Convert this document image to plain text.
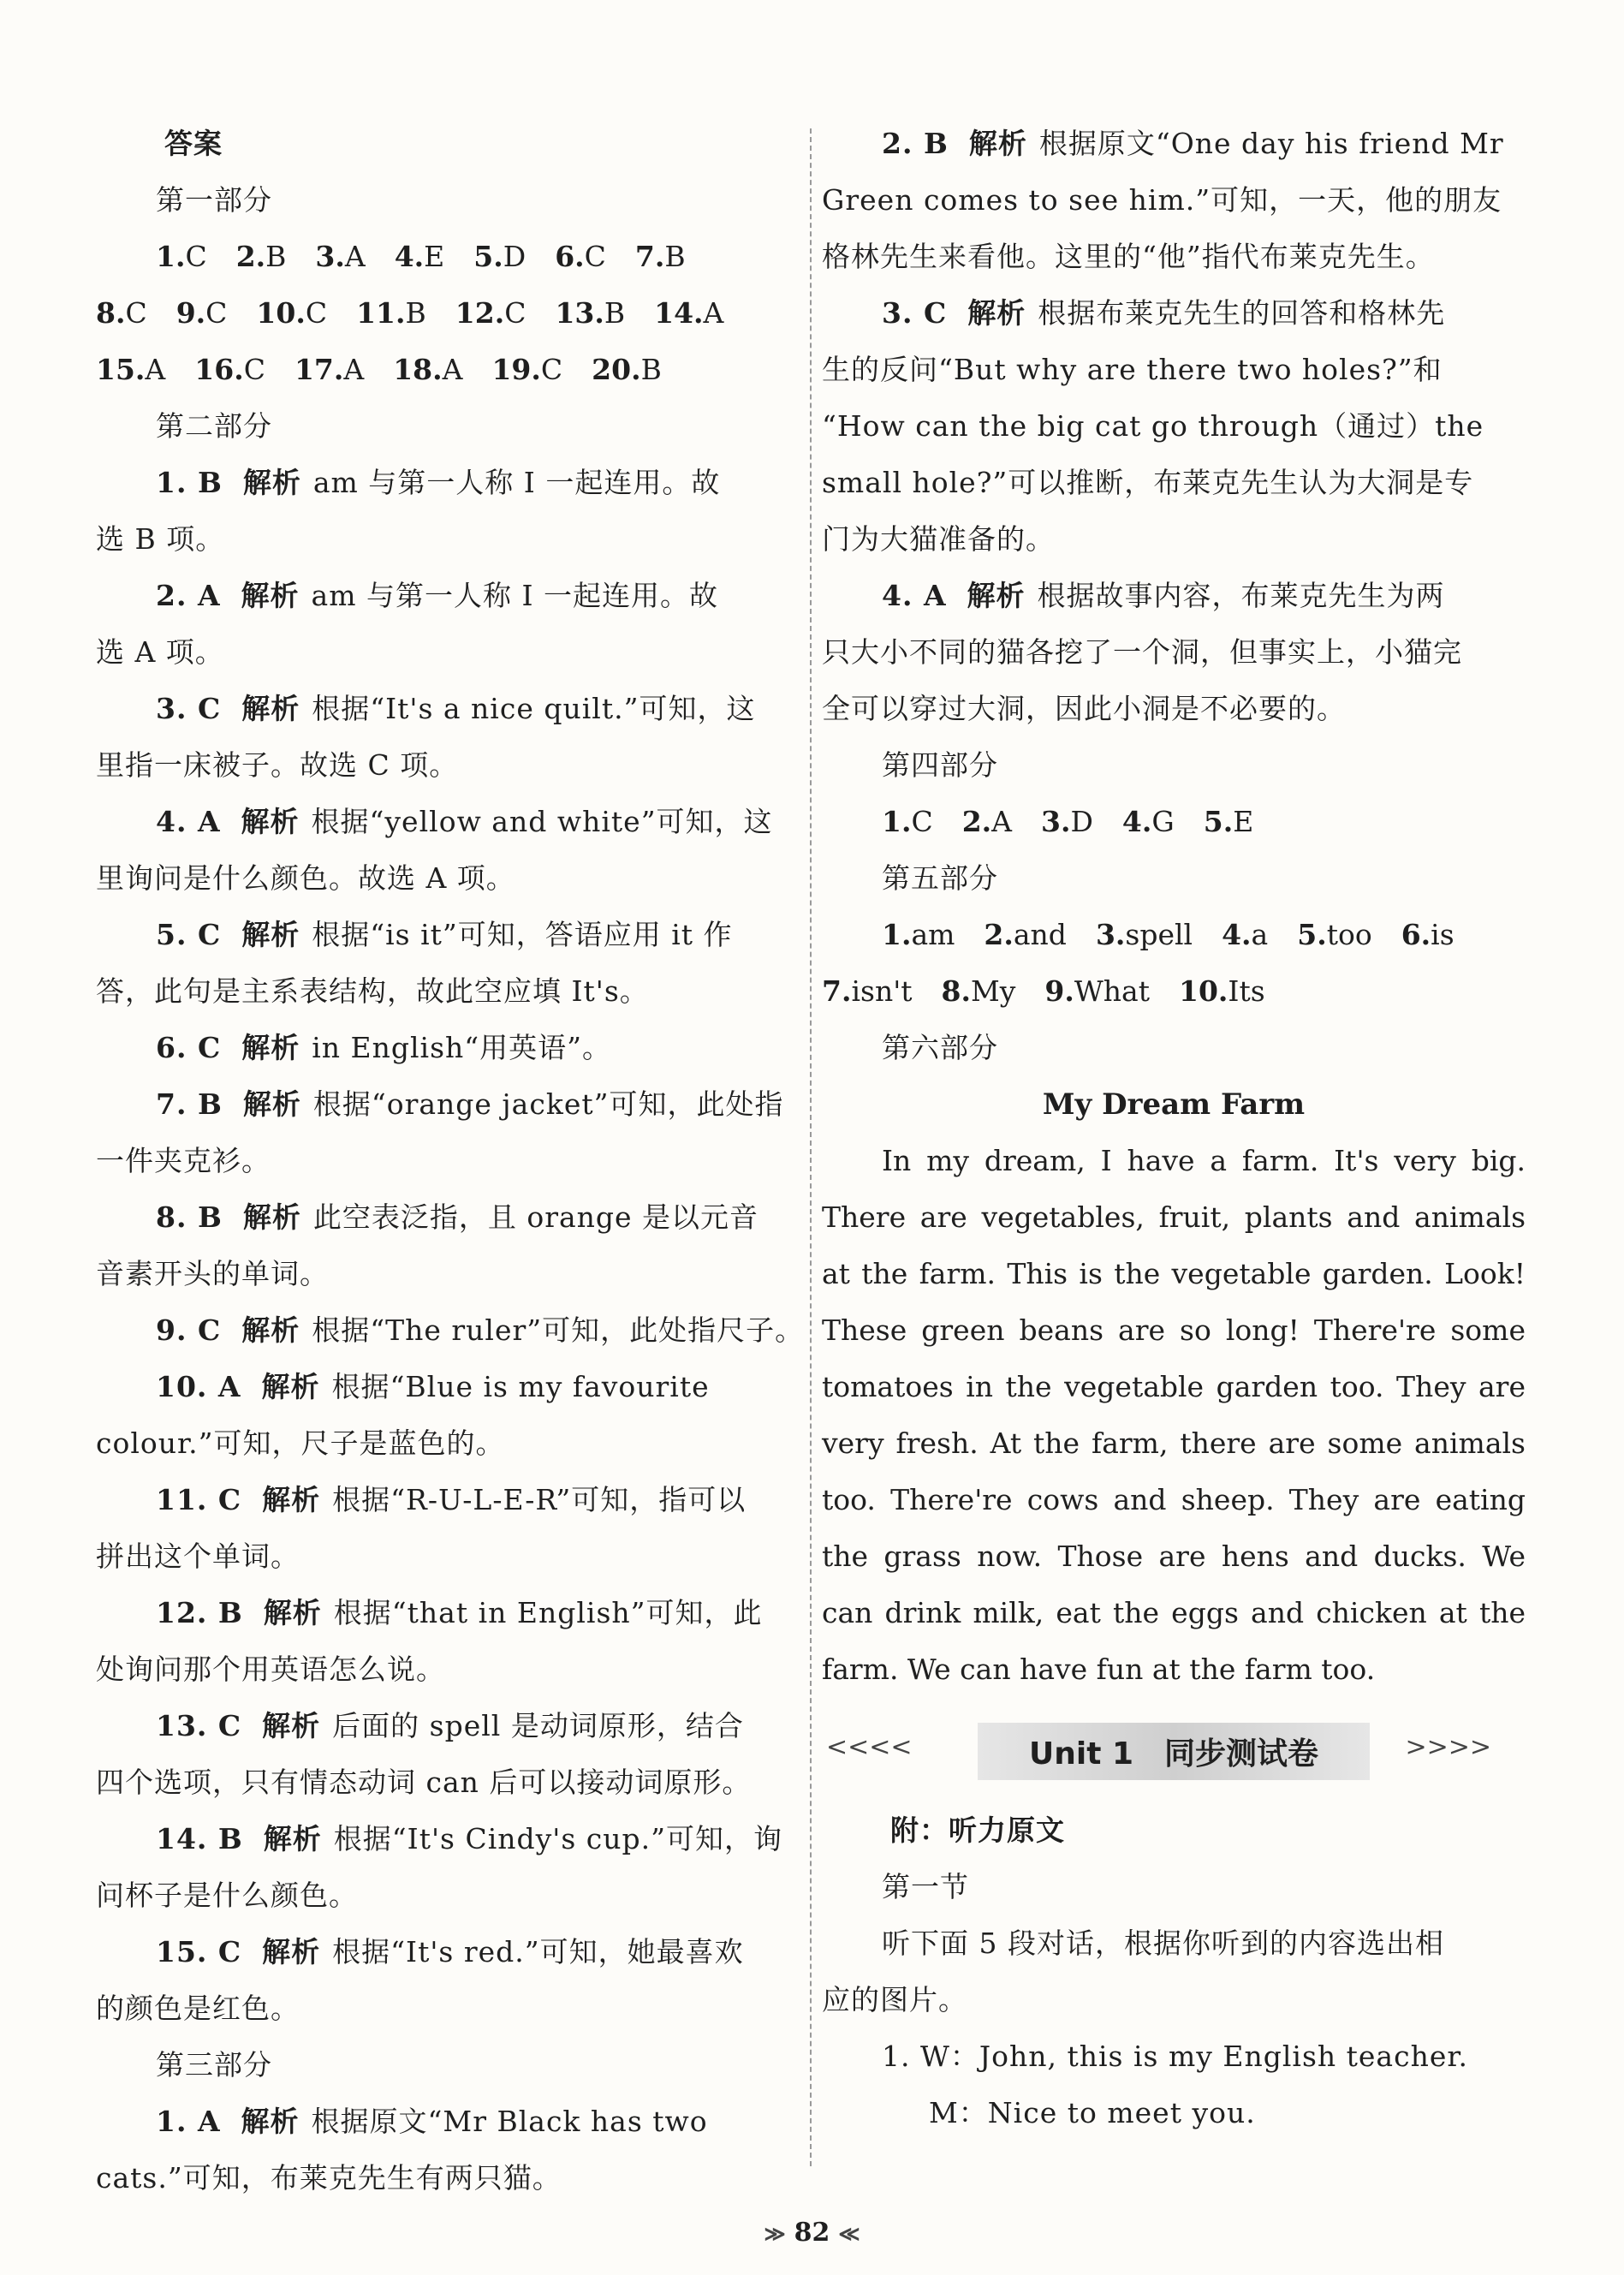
答案
第一部分
1.C 2.B 3.A 4.E 5.D 6.C 7.B
8.C 9.C 10.C 11.B 12.C 13.B 14.A
15.A 16.C 17.A 18.A 19.C 20.B
第二部分
1. B 解析 am 与第一人称 I 一起连用。故
选 B 项。
2. A 解析 am 与第一人称 I 一起连用。故
选 A 项。
3. C 解析 根据“It's a nice quilt.”可知，这
里指一床被子。故选 C 项。
4. A 解析 根据“yellow and white”可知，这
里询问是什么颜色。故选 A 项。
5. C 解析 根据“is it”可知，答语应用 it 作
答，此句是主系表结构，故此空应填 It's。
6. C 解析 in English“用英语”。
7. B 解析 根据“orange jacket”可知，此处指
一件夹克衫。
8. B 解析 此空表泛指，且 orange 是以元音
音素开头的单词。
9. C 解析 根据“The ruler”可知，此处指尺子。
10. A 解析 根据“Blue is my favourite
colour.”可知，尺子是蓝色的。
11. C 解析 根据“R-U-L-E-R”可知，指可以
拼出这个单词。
12. B 解析 根据“that in English”可知，此
处询问那个用英语怎么说。
13. C 解析 后面的 spell 是动词原形，结合
四个选项，只有情态动词 can 后可以接动词原形。
14. B 解析 根据“It's Cindy's cup.”可知，询
问杯子是什么颜色。
15. C 解析 根据“It's red.”可知，她最喜欢
的颜色是红色。
第三部分
1. A 解析 根据原文“Mr Black has two
cats.”可知，布莱克先生有两只猫。
2. B 解析 根据原文“One day his friend Mr
Green comes to see him.”可知，一天，他的朋友
格林先生来看他。这里的“他”指代布莱克先生。
3. C 解析 根据布莱克先生的回答和格林先
生的反问“But why are there two holes?”和
“How can the big cat go through（通过）the
small hole?”可以推断，布莱克先生认为大洞是专
门为大猫准备的。
4. A 解析 根据故事内容，布莱克先生为两
只大小不同的猫各挖了一个洞，但事实上，小猫完
全可以穿过大洞，因此小洞是不必要的。
第四部分
1.C 2.A 3.D 4.G 5.E
第五部分
1.am 2.and 3.spell 4.a 5.too 6.is
7.isn't 8.My 9.What 10.Its
第六部分
My Dream Farm

In my dream, I have a farm. It's very big. There are vegetables, fruit, plants and animals at the farm. This is the vegetable garden. Look! These green beans are so long! There're some tomatoes in the vegetable garden too. They are very fresh. At the farm, there are some animals too. There're cows and sheep. They are eating the grass now. Those are hens and ducks. We can drink milk, eat the eggs and chicken at the farm. We can have fun at the farm too.

<<<<	Unit 1　同步测试卷	>>>>
附：听力原文
第一节
听下面 5 段对话，根据你听到的内容选出相
应的图片。
1. W：John, this is my English teacher.
M：Nice to meet you.
≫ 82 ≪
